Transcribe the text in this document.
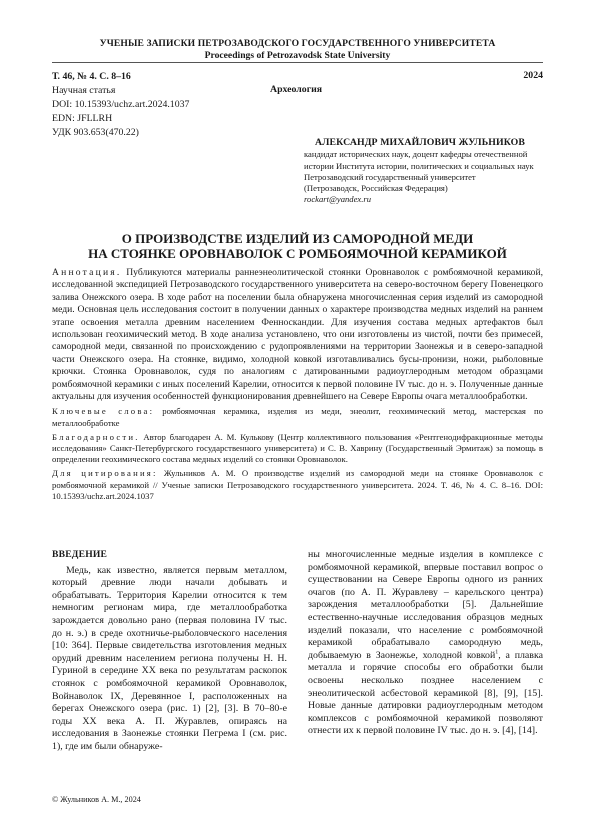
УЧЕНЫЕ ЗАПИСКИ ПЕТРОЗАВОДСКОГО ГОСУДАРСТВЕННОГО УНИВЕРСИТЕТА
Proceedings of Petrozavodsk State University
Т. 46, № 4. С. 8–16
Научная статья
DOI: 10.15393/uchz.art.2024.1037
EDN: JFLLRH
УДК 903.653(470.22)
2024
Археология
АЛЕКСАНДР МИХАЙЛОВИЧ ЖУЛЬНИКОВ
кандидат исторических наук, доцент кафедры отечественной истории Института истории, политических и социальных наук
Петрозаводский государственный университет
(Петрозаводск, Российская Федерация)
rockart@yandex.ru
О ПРОИЗВОДСТВЕ ИЗДЕЛИЙ ИЗ САМОРОДНОЙ МЕДИ
НА СТОЯНКЕ ОРОВНАВОЛОК С РОМБОЯМОЧНОЙ КЕРАМИКОЙ

Аннотация. Публикуются материалы раннеэнеолитической стоянки Оровнаволок с ромбоямочной керамикой, исследованной экспедицией Петрозаводского государственного университета на северо-восточном берегу Повенецкого залива Онежского озера. В ходе работ на поселении была обнаружена многочисленная серия изделий из самородной меди. Основная цель исследования состоит в получении данных о характере производства медных изделий на раннем этапе освоения металла древним населением Фенноскандии. Для изучения состава медных артефактов был использован геохимический метод. В ходе анализа установлено, что они изготовлены из чистой, почти без примесей, самородной меди, связанной по происхождению с рудопроявлениями на территории Заонежья и в северо-западной части Онежского озера. На стоянке, видимо, холодной ковкой изготавливались бусы-пронизи, ножи, рыболовные крючки. Стоянка Оровнаволок, судя по аналогиям с датированными радиоуглеродным методом образцами ромбоямочной керамики с иных поселений Карелии, относится к первой половине IV тыс. до н. э. Полученные данные актуальны для изучения особенностей функционирования древнейшего на Севере Европы очага металлообработки.

Ключевые слова: ромбоямочная керамика, изделия из меди, энеолит, геохимический метод, мастерская по металлообработке

Благодарности. Автор благодарен А. М. Кулькову (Центр коллективного пользования «Рентгенодифракционные методы исследования» Санкт-Петербургского государственного университета) и С. В. Хаврину (Государственный Эрмитаж) за помощь в определении геохимического состава медных изделий со стоянки Оровнаволок.

Для цитирования: Жульников А. М. О производстве изделий из самородной меди на стоянке Оровнаволок с ромбоямочной керамикой // Ученые записки Петрозаводского государственного университета. 2024. Т. 46, № 4. С. 8–16. DOI: 10.15393/uchz.art.2024.1037

ВВЕДЕНИЕ

Медь, как известно, является первым металлом, который древние люди начали добывать и обрабатывать. Территория Карелии относится к тем немногим регионам мира, где металлообработка зарождается довольно рано (первая половина IV тыс. до н. э.) в среде охотничье-рыболовческого населения [10: 364]. Первые свидетельства изготовления медных орудий древним населением региона получены Н. Н. Гуриной в середине XX века по результатам раскопок стоянок с ромбоямочной керамикой Оровнаволок, Войнаволок IX, Деревянное I, расположенных на берегах Онежского озера (рис. 1) [2], [3]. В 70–80-е годы XX века А. П. Журавлев, опираясь на исследования в Заонежье стоянки Пегрема I (см. рис. 1), где им были обнаруже-

ны многочисленные медные изделия в комплексе с ромбоямочной керамикой, впервые поставил вопрос о существовании на Севере Европы одного из ранних очагов (по А. П. Журавлеву – карельского центра) зарождения металлообработки [5]. Дальнейшие естественно-научные исследования образцов медных изделий показали, что население с ромбоямочной керамикой обрабатывало самородную медь, добываемую в Заонежье, холодной ковкой$^1$, а плавка металла и горячие способы его обработки были освоены несколько позднее населением с энеолитической асбестовой керамикой [8], [9], [15]. Новые данные датировки радиоуглеродным методом комплексов с ромбоямочной керамикой позволяют отнести их к первой половине IV тыс. до н. э. [4], [14].

© Жульников А. М., 2024
